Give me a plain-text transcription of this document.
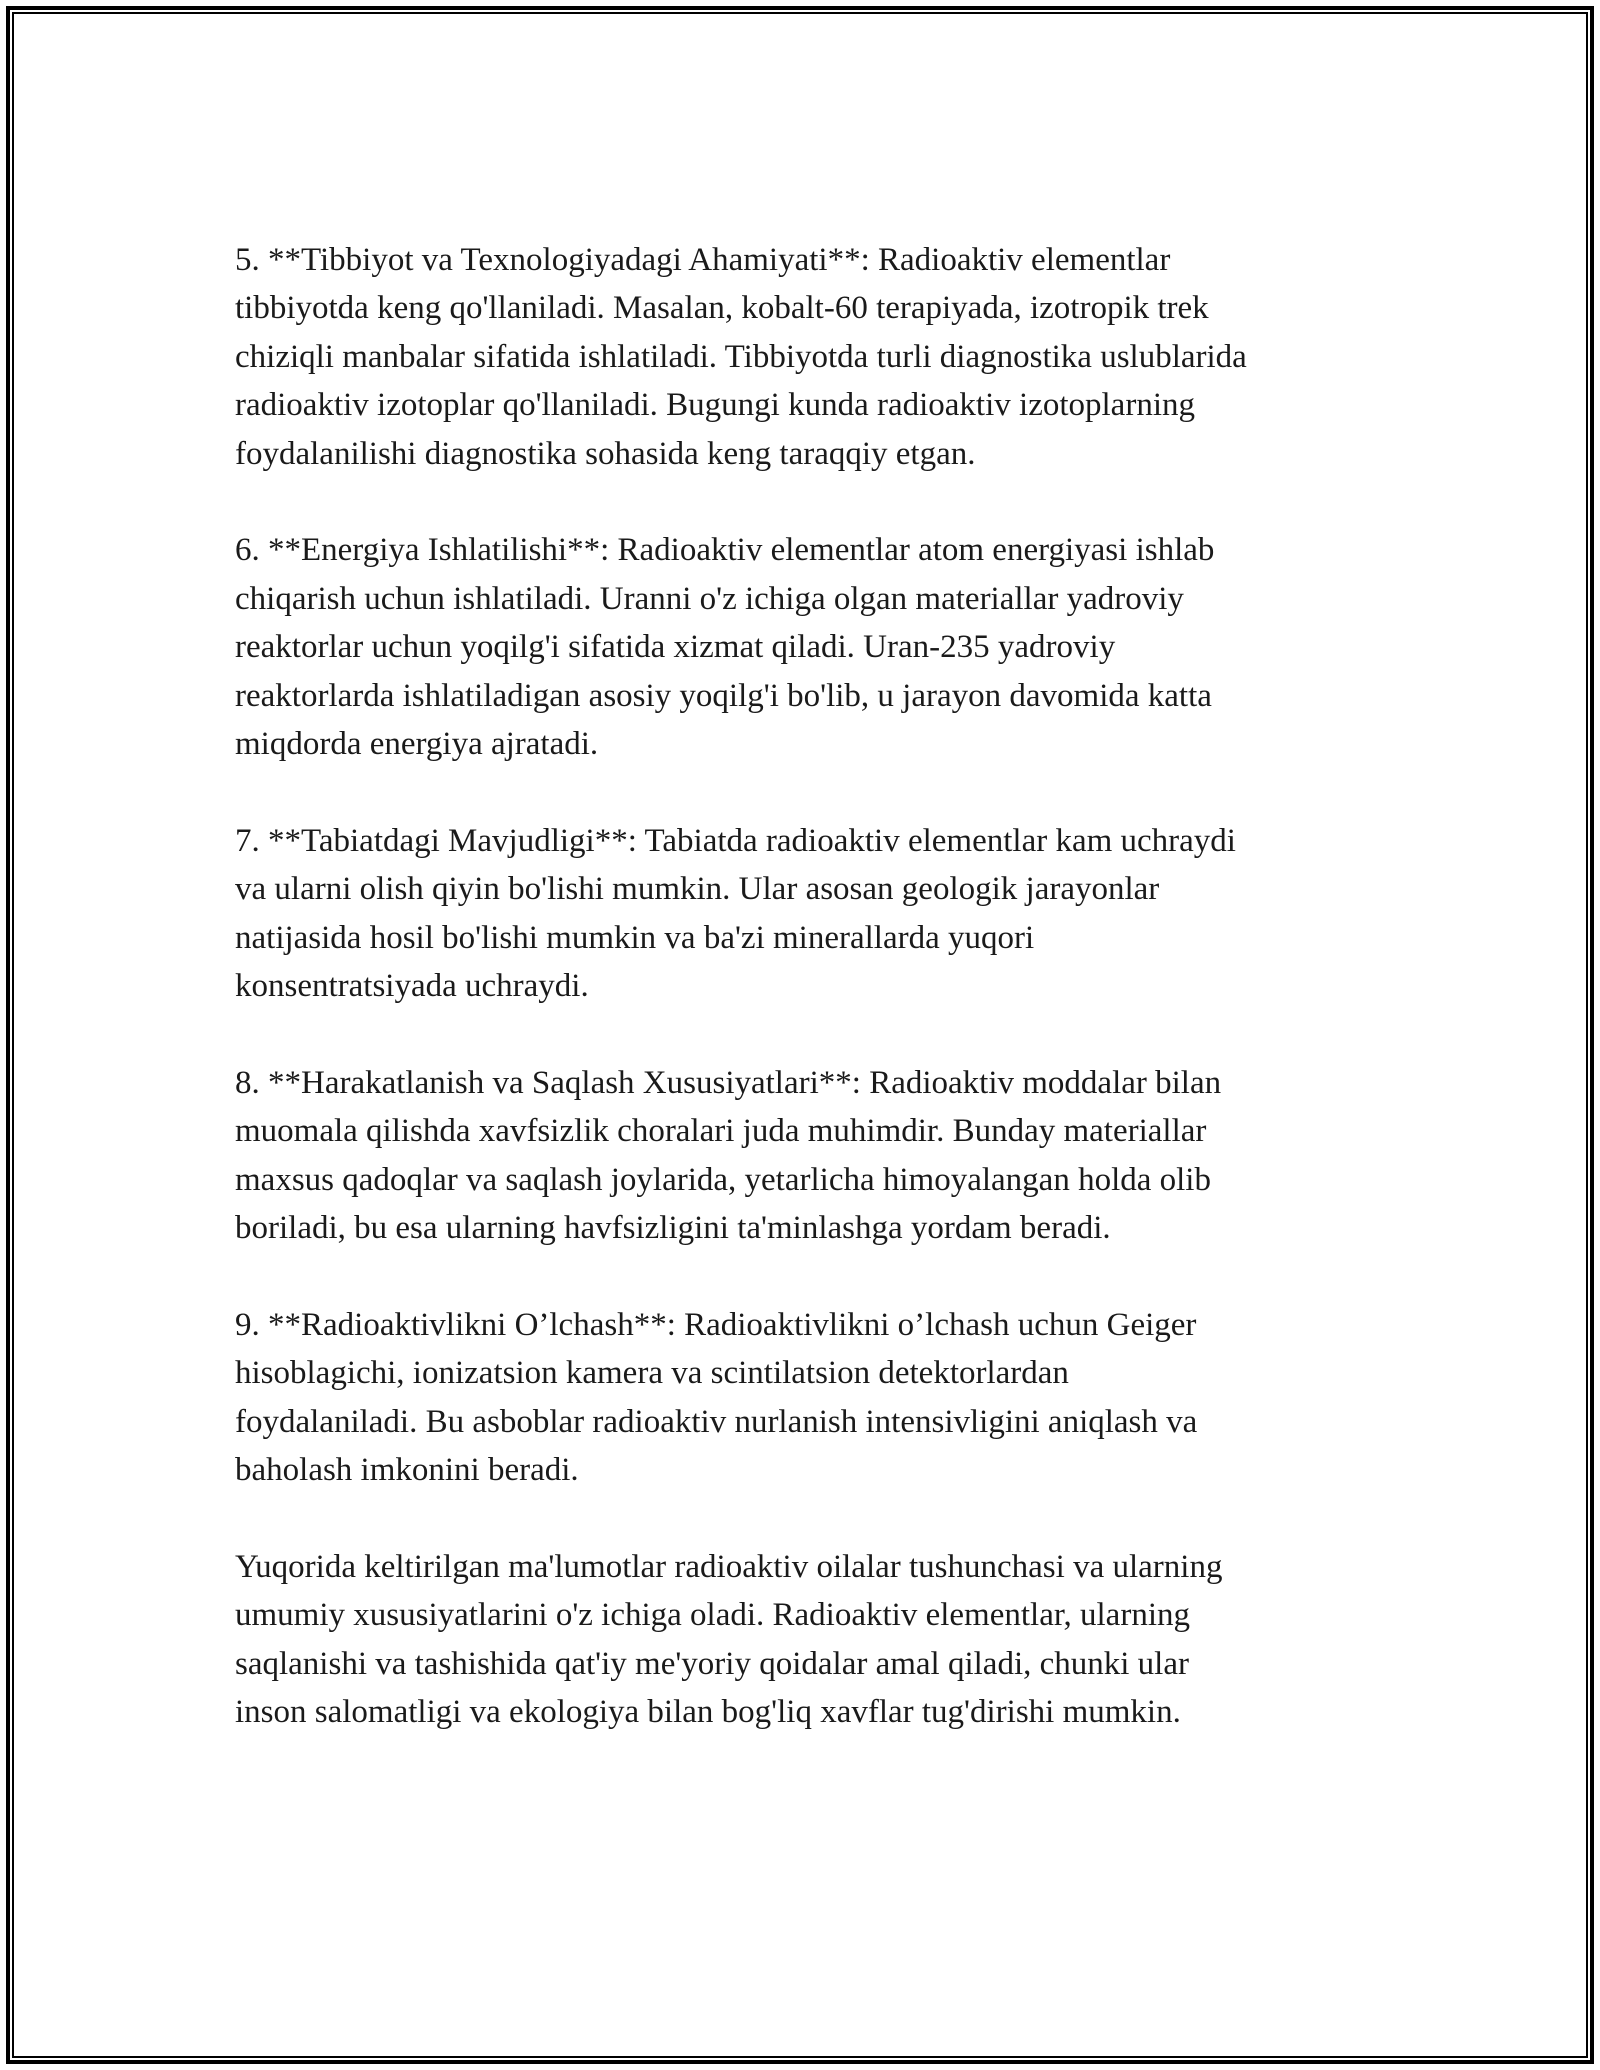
5. **Tibbiyot va Texnologiyadagi Ahamiyati**: Radioaktiv elementlar
tibbiyotda keng qo'llaniladi. Masalan, kobalt-60 terapiyada, izotropik trek
chiziqli manbalar sifatida ishlatiladi. Tibbiyotda turli diagnostika uslublarida
radioaktiv izotoplar qo'llaniladi. Bugungi kunda radioaktiv izotoplarning
foydalanilishi diagnostika sohasida keng taraqqiy etgan.

6. **Energiya Ishlatilishi**: Radioaktiv elementlar atom energiyasi ishlab
chiqarish uchun ishlatiladi. Uranni o'z ichiga olgan materiallar yadroviy
reaktorlar uchun yoqilg'i sifatida xizmat qiladi. Uran-235 yadroviy
reaktorlarda ishlatiladigan asosiy yoqilg'i bo'lib, u jarayon davomida katta
miqdorda energiya ajratadi.

7. **Tabiatdagi Mavjudligi**: Tabiatda radioaktiv elementlar kam uchraydi
va ularni olish qiyin bo'lishi mumkin. Ular asosan geologik jarayonlar
natijasida hosil bo'lishi mumkin va ba'zi minerallarda yuqori
konsentratsiyada uchraydi.

8. **Harakatlanish va Saqlash Xususiyatlari**: Radioaktiv moddalar bilan
muomala qilishda xavfsizlik choralari juda muhimdir. Bunday materiallar
maxsus qadoqlar va saqlash joylarida, yetarlicha himoyalangan holda olib
boriladi, bu esa ularning havfsizligini ta'minlashga yordam beradi.

9. **Radioaktivlikni O’lchash**: Radioaktivlikni o’lchash uchun Geiger
hisoblagichi, ionizatsion kamera va scintilatsion detektorlardan
foydalaniladi. Bu asboblar radioaktiv nurlanish intensivligini aniqlash va
baholash imkonini beradi.

Yuqorida keltirilgan ma'lumotlar radioaktiv oilalar tushunchasi va ularning
umumiy xususiyatlarini o'z ichiga oladi. Radioaktiv elementlar, ularning
saqlanishi va tashishida qat'iy me'yoriy qoidalar amal qiladi, chunki ular
inson salomatligi va ekologiya bilan bog'liq xavflar tug'dirishi mumkin.
